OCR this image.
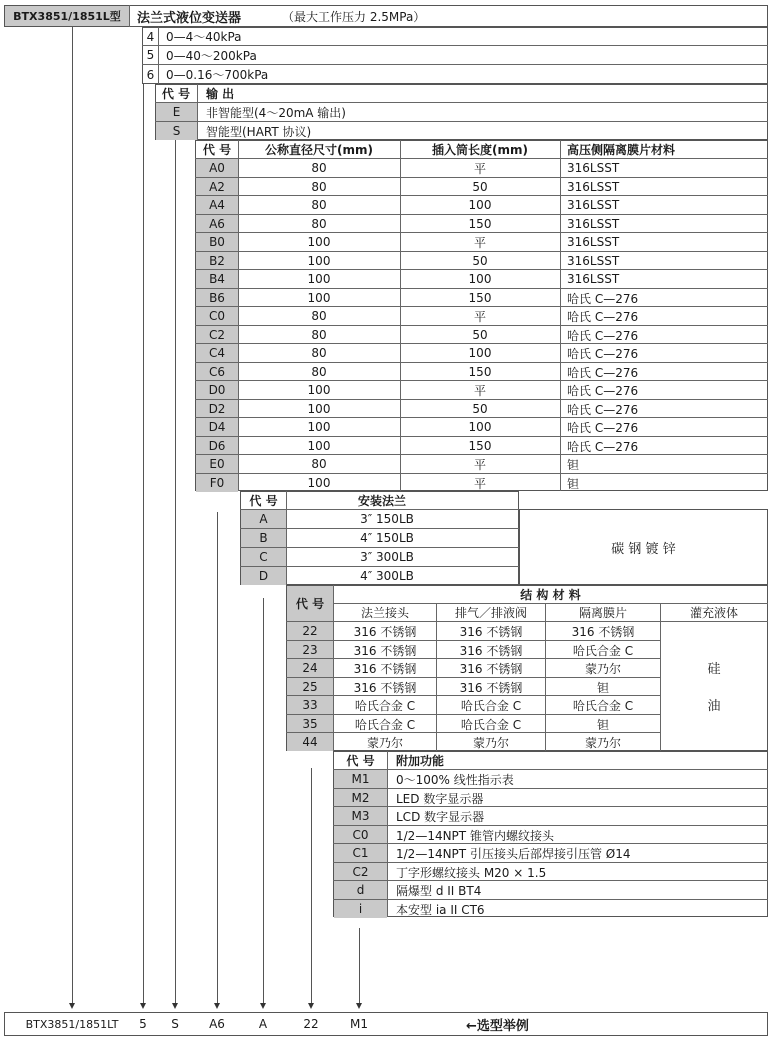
BTX3851/1851L型	法兰式液位变送器	（最大工作压力 2.5MPa）
4 0—4～40kPa
5 0—40～200kPa
6 0—0.16～700kPa
代 号	输 出
E	非智能型(4～20mA 输出)
S	智能型(HART 协议)
代 号	公称直径尺寸(mm)	插入筒长度(mm)	高压侧隔离膜片材料
A0	80	平	316LSST
A2	80	50	316LSST
A4	80	100	316LSST
A6	80	150	316LSST
B0	100	平	316LSST
B2	100	50	316LSST
B4	100	100	316LSST
B6	100	150	哈氏 C—276
C0	80	平	哈氏 C—276
C2	80	50	哈氏 C—276
C4	80	100	哈氏 C—276
C6	80	150	哈氏 C—276
D0	100	平	哈氏 C—276
D2	100	50	哈氏 C—276
D4	100	100	哈氏 C—276
D6	100	150	哈氏 C—276
E0	80	平	钽
F0	100	平	钽
代 号	安装法兰
碳 钢 镀 锌
A	3″ 150LB
B	4″ 150LB
C	3″ 300LB
D	4″ 300LB
代 号
结 构 材 料
法兰接头	排气／排液阀	隔离膜片	灌充液体
硅
油
22	316 不锈钢	316 不锈钢	316 不锈钢
23	316 不锈钢	316 不锈钢	哈氏合金 C
24	316 不锈钢	316 不锈钢	蒙乃尔
25	316 不锈钢	316 不锈钢	钽
33	哈氏合金 C	哈氏合金 C	哈氏合金 C
35	哈氏合金 C	哈氏合金 C	钽
44	蒙乃尔	蒙乃尔	蒙乃尔
代 号	附加功能
M1	0～100% 线性指示表
M2	LED 数字显示器
M3	LCD 数字显示器
C0	1/2—14NPT 锥管内螺纹接头
C1	1/2—14NPT 引压接头后部焊接引压管 Ø14
C2	丁字形螺纹接头 M20 × 1.5
d	隔爆型 d II BT4
i	本安型 ia II CT6
BTX3851/1851LT	5	S	A6	A	22	M1	←选型举例
